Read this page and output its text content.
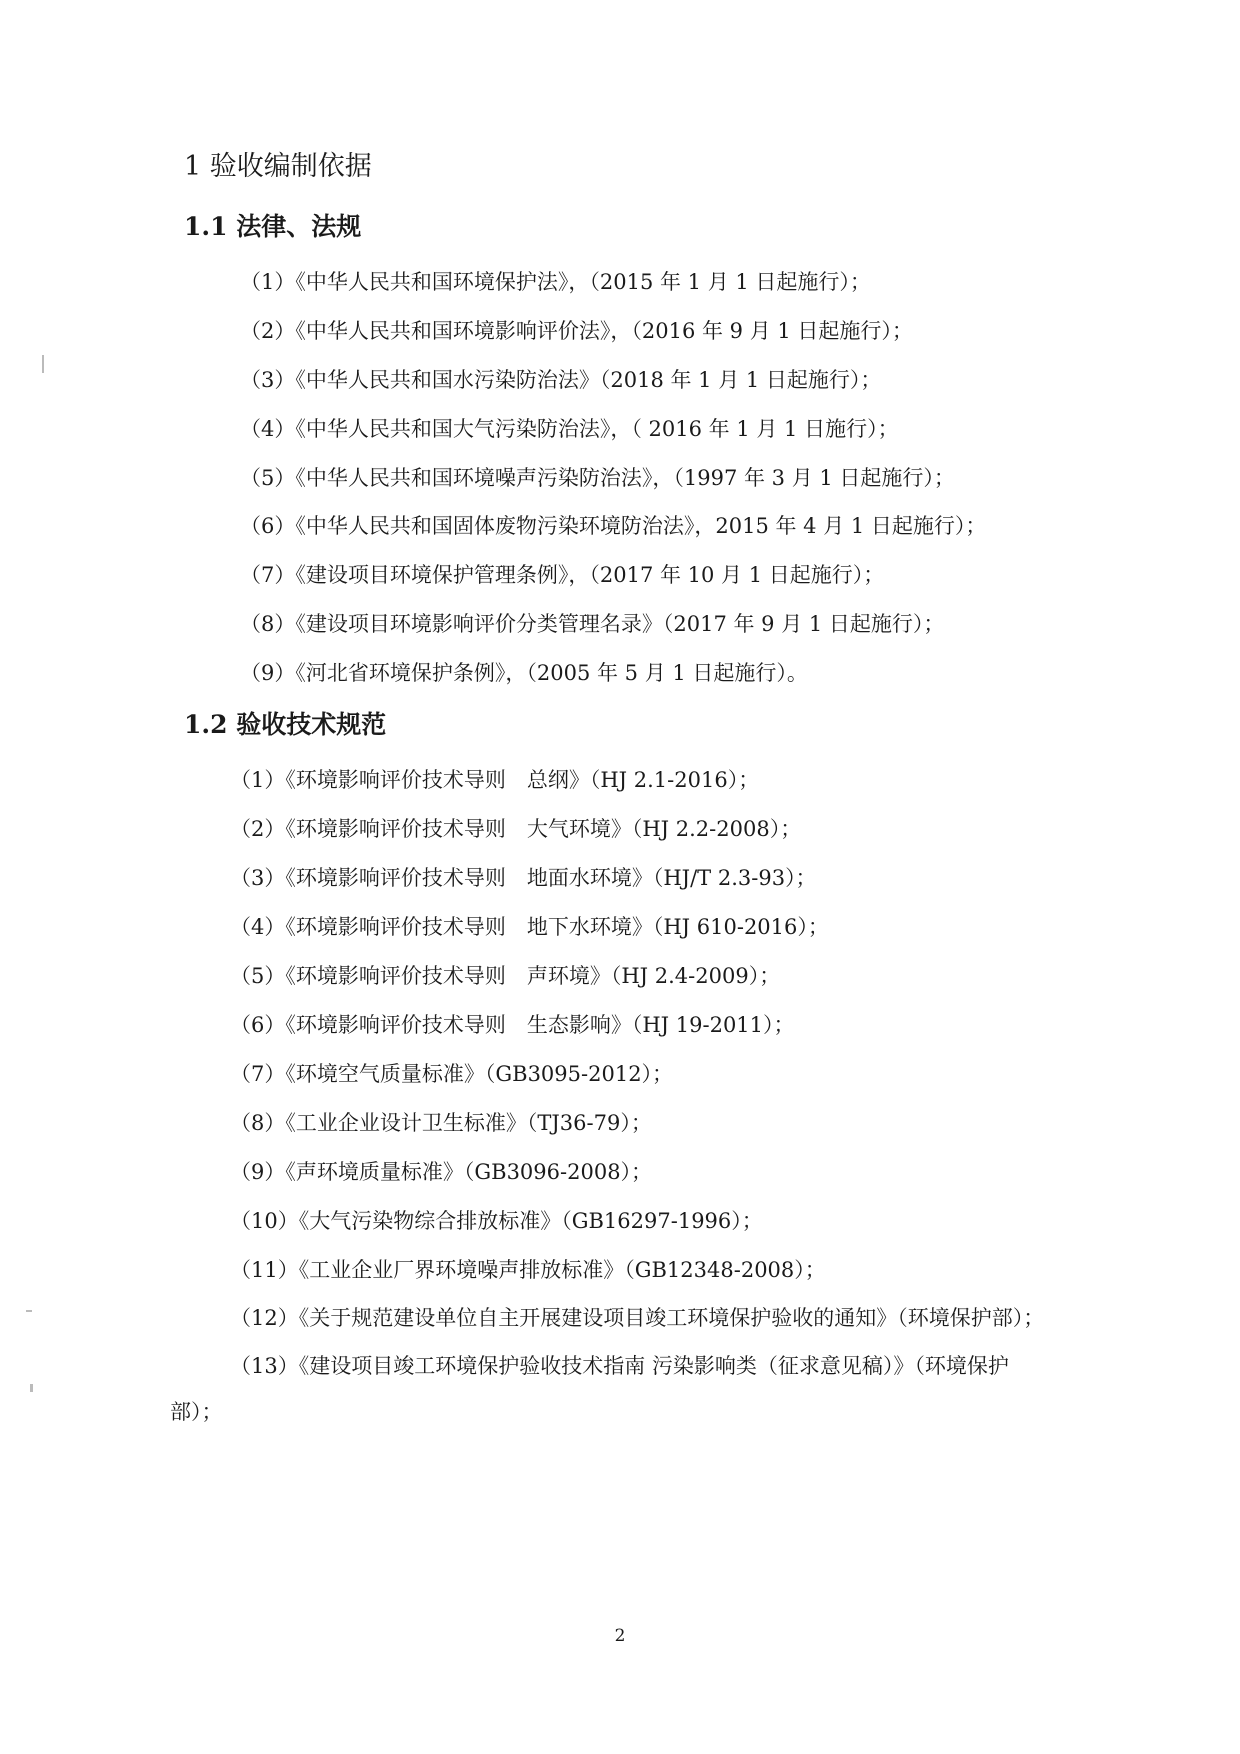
1 验收编制依据
1.1 法律、法规
（1）《中华人民共和国环境保护法》，（2015 年 1 月 1 日起施行）；
（2）《中华人民共和国环境影响评价法》，（2016 年 9 月 1 日起施行）；
（3）《中华人民共和国水污染防治法》（2018 年 1 月 1 日起施行）；
（4）《中华人民共和国大气污染防治法》，（ 2016 年 1 月 1 日施行）；
（5）《中华人民共和国环境噪声污染防治法》，（1997 年 3 月 1 日起施行）；
（6）《中华人民共和国固体废物污染环境防治法》，2015 年 4 月 1 日起施行）；
（7）《建设项目环境保护管理条例》，（2017 年 10 月 1 日起施行）；
（8）《建设项目环境影响评价分类管理名录》（2017 年 9 月 1 日起施行）；
（9）《河北省环境保护条例》，（2005 年 5 月 1 日起施行）。
1.2 验收技术规范
（1）《环境影响评价技术导则　总纲》（HJ 2.1-2016）；
（2）《环境影响评价技术导则　大气环境》（HJ 2.2-2008）；
（3）《环境影响评价技术导则　地面水环境》（HJ/T 2.3-93）；
（4）《环境影响评价技术导则　地下水环境》（HJ 610-2016）；
（5）《环境影响评价技术导则　声环境》（HJ 2.4-2009）；
（6）《环境影响评价技术导则　生态影响》（HJ 19-2011）；
（7）《环境空气质量标准》（GB3095-2012）；
（8）《工业企业设计卫生标准》（TJ36-79）；
（9）《声环境质量标准》（GB3096-2008）；
（10）《大气污染物综合排放标准》（GB16297-1996）；
（11）《工业企业厂界环境噪声排放标准》（GB12348-2008）；
（12）《关于规范建设单位自主开展建设项目竣工环境保护验收的通知》（环境保护部）；
（13）《建设项目竣工环境保护验收技术指南 污染影响类（征求意见稿）》（环境保护部）；
2
